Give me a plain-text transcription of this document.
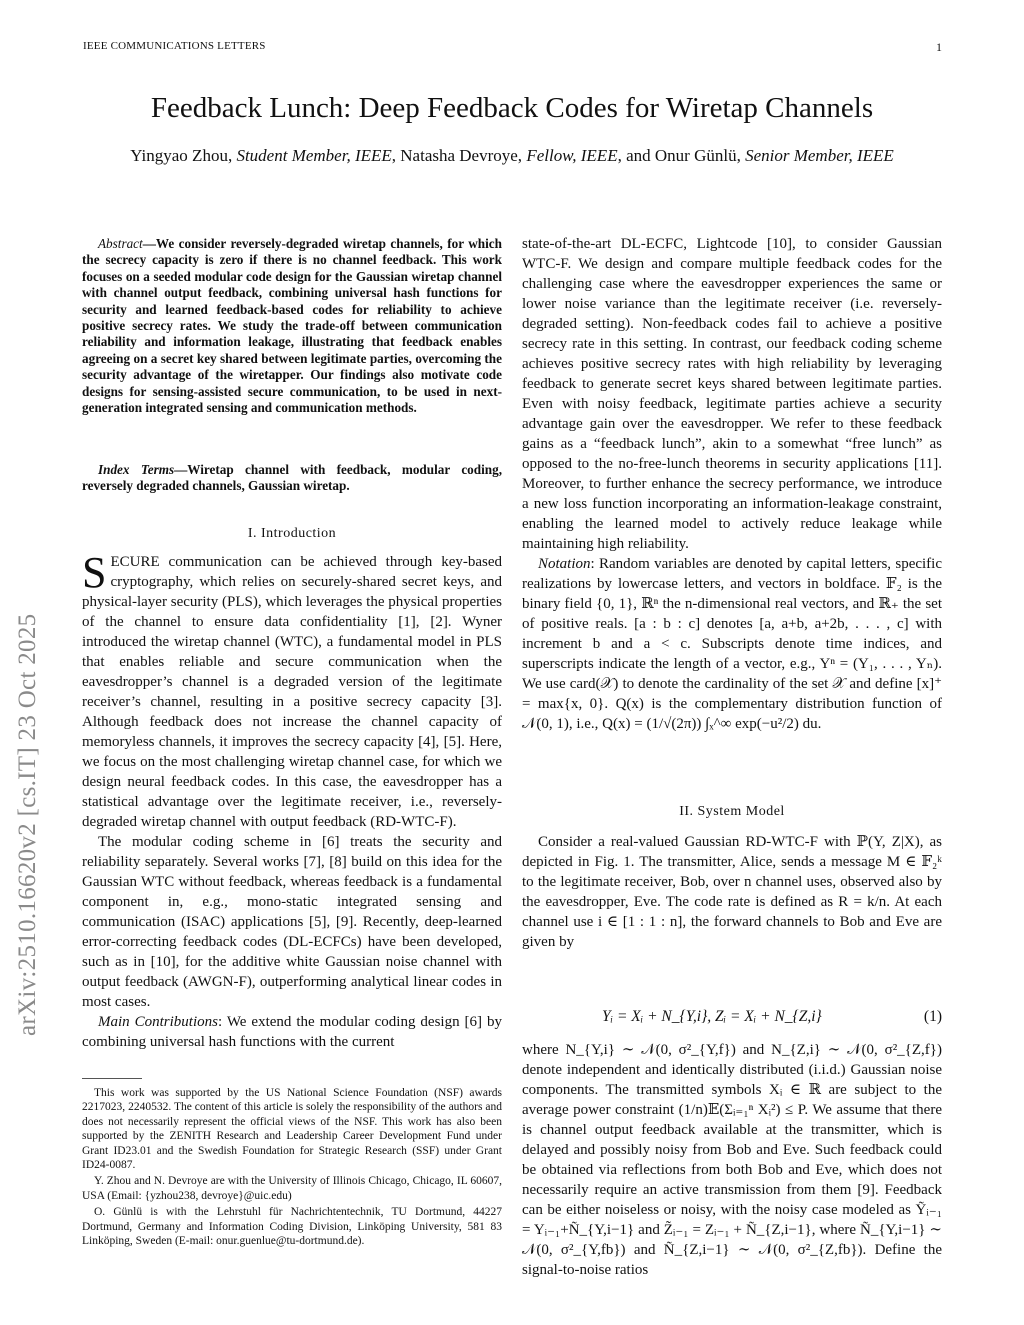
IEEE COMMUNICATIONS LETTERS	1
Feedback Lunch: Deep Feedback Codes for Wiretap Channels
Yingyao Zhou, Student Member, IEEE, Natasha Devroye, Fellow, IEEE, and Onur Günlü, Senior Member, IEEE
arXiv:2510.16620v2 [cs.IT] 23 Oct 2025

Abstract—We consider reversely-degraded wiretap channels, for which the secrecy capacity is zero if there is no channel feedback. This work focuses on a seeded modular code design for the Gaussian wiretap channel with channel output feedback, combining universal hash functions for security and learned feedback-based codes for reliability to achieve positive secrecy rates. We study the trade-off between communication reliability and information leakage, illustrating that feedback enables agreeing on a secret key shared between legitimate parties, overcoming the security advantage of the wiretapper. Our findings also motivate code designs for sensing-assisted secure communication, to be used in next-generation integrated sensing and communication methods.

Index Terms—Wiretap channel with feedback, modular coding, reversely degraded channels, Gaussian wiretap.

I. Introduction

SECURE communication can be achieved through key-based cryptography, which relies on securely-shared secret keys, and physical-layer security (PLS), which leverages the physical properties of the channel to ensure data confidentiality [1], [2]. Wyner introduced the wiretap channel (WTC), a fundamental model in PLS that enables reliable and secure communication when the eavesdropper’s channel is a degraded version of the legitimate receiver’s channel, resulting in a positive secrecy capacity [3]. Although feedback does not increase the channel capacity of memoryless channels, it improves the secrecy capacity [4], [5]. Here, we focus on the most challenging wiretap channel case, for which we design neural feedback codes. In this case, the eavesdropper has a statistical advantage over the legitimate receiver, i.e., reversely-degraded wiretap channel with output feedback (RD-WTC-F).

The modular coding scheme in [6] treats the security and reliability separately. Several works [7], [8] build on this idea for the Gaussian WTC without feedback, whereas feedback is a fundamental component in, e.g., mono-static integrated sensing and communication (ISAC) applications [5], [9]. Recently, deep-learned error-correcting feedback codes (DL-ECFCs) have been developed, such as in [10], for the additive white Gaussian noise channel with output feedback (AWGN-F), outperforming analytical linear codes in most cases.

Main Contributions: We extend the modular coding design [6] by combining universal hash functions with the current

This work was supported by the US National Science Foundation (NSF) awards 2217023, 2240532. The content of this article is solely the responsibility of the authors and does not necessarily represent the official views of the NSF. This work has also been supported by the ZENITH Research and Leadership Career Development Fund under Grant ID23.01 and the Swedish Foundation for Strategic Research (SSF) under Grant ID24-0087.

Y. Zhou and N. Devroye are with the University of Illinois Chicago, Chicago, IL 60607, USA (Email: {yzhou238, devroye}@uic.edu)

O. Günlü is with the Lehrstuhl für Nachrichtentechnik, TU Dortmund, 44227 Dortmund, Germany and Information Coding Division, Linköping University, 581 83 Linköping, Sweden (E-mail: onur.guenlue@tu-dortmund.de).

state-of-the-art DL-ECFC, Lightcode [10], to consider Gaussian WTC-F. We design and compare multiple feedback codes for the challenging case where the eavesdropper experiences the same or lower noise variance than the legitimate receiver (i.e. reversely-degraded setting). Non-feedback codes fail to achieve a positive secrecy rate in this setting. In contrast, our feedback coding scheme achieves positive secrecy rates with high reliability by leveraging feedback to generate secret keys shared between legitimate parties. Even with noisy feedback, legitimate parties achieve a security advantage gain over the eavesdropper. We refer to these feedback gains as a “feedback lunch”, akin to a somewhat “free lunch” as opposed to the no-free-lunch theorems in security applications [11]. Moreover, to further enhance the secrecy performance, we introduce a new loss function incorporating an information-leakage constraint, enabling the learned model to actively reduce leakage while maintaining high reliability.

Notation: Random variables are denoted by capital letters, specific realizations by lowercase letters, and vectors in boldface. 𝔽₂ is the binary field {0, 1}, ℝⁿ the n-dimensional real vectors, and ℝ₊ the set of positive reals. [a : b : c] denotes [a, a+b, a+2b, . . . , c] with increment b and a < c. Subscripts denote time indices, and superscripts indicate the length of a vector, e.g., Yⁿ = (Y₁, . . . , Yₙ). We use card(𝒳) to denote the cardinality of the set 𝒳 and define [x]⁺ = max{x, 0}. Q(x) is the complementary distribution function of 𝒩(0, 1), i.e., Q(x) = (1/√(2π)) ∫ₓ^∞ exp(−u²/2) du.

II. System Model

Consider a real-valued Gaussian RD-WTC-F with ℙ(Y, Z|X), as depicted in Fig. 1. The transmitter, Alice, sends a message M ∈ 𝔽₂ᵏ to the legitimate receiver, Bob, over n channel uses, observed also by the eavesdropper, Eve. The code rate is defined as R = k/n. At each channel use i ∈ [1 : 1 : n], the forward channels to Bob and Eve are given by

Yᵢ = Xᵢ + N_{Y,i}, Zᵢ = Xᵢ + N_{Z,i}	(1)

where N_{Y,i} ∼ 𝒩(0, σ²_{Y,f}) and N_{Z,i} ∼ 𝒩(0, σ²_{Z,f}) denote independent and identically distributed (i.i.d.) Gaussian noise components. The transmitted symbols Xᵢ ∈ ℝ are subject to the average power constraint (1/n)𝔼(Σᵢ₌₁ⁿ Xᵢ²) ≤ P. We assume that there is channel output feedback available at the transmitter, which is delayed and possibly noisy from Bob and Eve. Such feedback could be obtained via reflections from both Bob and Eve, which does not necessarily require an active transmission from them [9]. Feedback can be either noiseless or noisy, with the noisy case modeled as Ỹᵢ₋₁ = Yᵢ₋₁+Ñ_{Y,i−1} and Z̃ᵢ₋₁ = Zᵢ₋₁ + Ñ_{Z,i−1}, where Ñ_{Y,i−1} ∼ 𝒩(0, σ²_{Y,fb}) and Ñ_{Z,i−1} ∼ 𝒩(0, σ²_{Z,fb}). Define the signal-to-noise ratios
